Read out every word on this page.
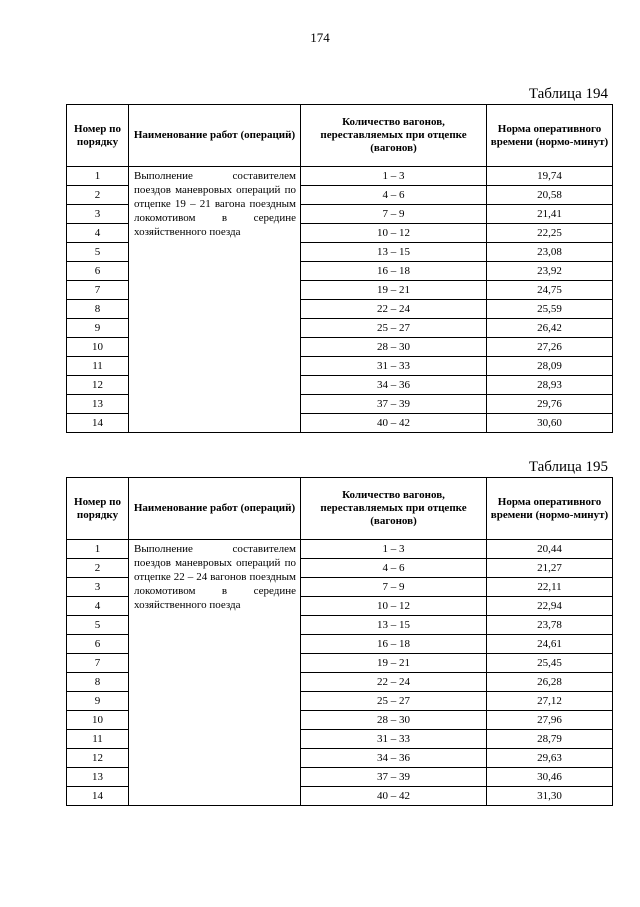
174
Таблица 194
Номер по порядку	Наименование работ (операций)	Количество вагонов, переставляемых при отцепке (вагонов)	Норма оперативного времени (нормо-минут)
1	Выполнение составителем поездов маневровых операций по отцепке 19 – 21 вагона поездным локомотивом в середине хозяйственного поезда	1 – 3	19,74
2		4 – 6	20,58
3		7 – 9	21,41
4		10 – 12	22,25
5		13 – 15	23,08
6		16 – 18	23,92
7		19 – 21	24,75
8		22 – 24	25,59
9		25 – 27	26,42
10		28 – 30	27,26
11		31 – 33	28,09
12		34 – 36	28,93
13		37 – 39	29,76
14		40 – 42	30,60
Таблица 195
Номер по порядку	Наименование работ (операций)	Количество вагонов, переставляемых при отцепке (вагонов)	Норма оперативного времени (нормо-минут)
1	Выполнение составителем поездов маневровых операций по отцепке 22 – 24 вагонов поездным локомотивом в середине хозяйственного поезда	1 – 3	20,44
2		4 – 6	21,27
3		7 – 9	22,11
4		10 – 12	22,94
5		13 – 15	23,78
6		16 – 18	24,61
7		19 – 21	25,45
8		22 – 24	26,28
9		25 – 27	27,12
10		28 – 30	27,96
11		31 – 33	28,79
12		34 – 36	29,63
13		37 – 39	30,46
14		40 – 42	31,30
